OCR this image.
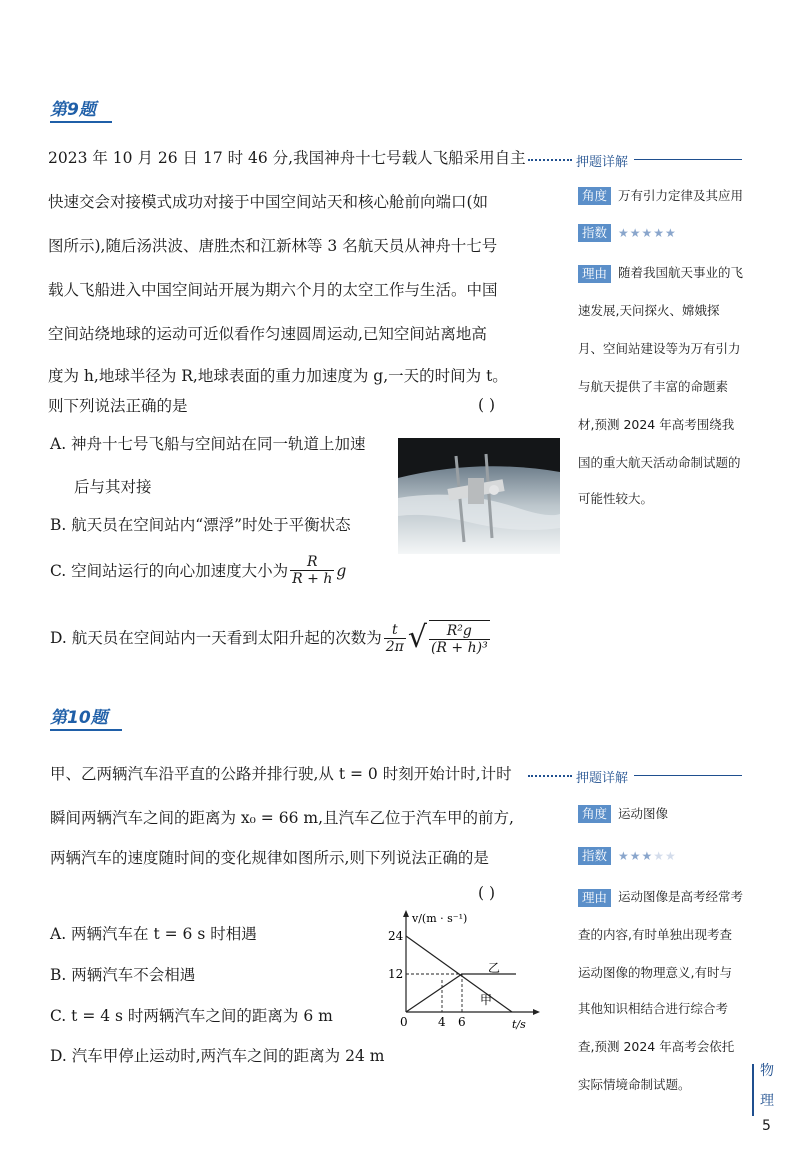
第9题
2023 年 10 月 26 日 17 时 46 分,我国神舟十七号载人飞船采用自主
快速交会对接模式成功对接于中国空间站天和核心舱前向端口(如
图所示),随后汤洪波、唐胜杰和江新林等 3 名航天员从神舟十七号
载人飞船进入中国空间站开展为期六个月的太空工作与生活。中国
空间站绕地球的运动可近似看作匀速圆周运动,已知空间站离地高
度为 h,地球半径为 R,地球表面的重力加速度为 g,一天的时间为 t。
则下列说法正确的是	( )
A. 神舟十七号飞船与空间站在同一轨道上加速
后与其对接
B. 航天员在空间站内“漂浮”时处于平衡状态
C. 空间站运行的向心加速度大小为 $\frac{R}{R + h}$ g
D. 航天员在空间站内一天看到太阳升起的次数为 $\frac{t}{2\pi}$ √ $\frac{\text{R²g}}{\text{(R + h)³}}$
押题详解
角度 万有引力定律及其应用
指数 ★★★★★
理由 随着我国航天事业的飞
速发展,天问探火、嫦娥探
月、空间站建设等为万有引力
与航天提供了丰富的命题素
材,预测 2024 年高考围绕我
国的重大航天活动命制试题的
可能性较大。
第10题
甲、乙两辆汽车沿平直的公路并排行驶,从 t = 0 时刻开始计时,计时
瞬间两辆汽车之间的距离为 x₀ = 66 m,且汽车乙位于汽车甲的前方,
两辆汽车的速度随时间的变化规律如图所示,则下列说法正确的是
( )
A. 两辆汽车在 t = 6 s 时相遇
B. 两辆汽车不会相遇
C. t = 4 s 时两辆汽车之间的距离为 6 m
D. 汽车甲停止运动时,两汽车之间的距离为 24 m
v/(m · s⁻¹)
t/s
24
12
0	4 6
乙
甲
押题详解
角度 运动图像
指数 ★★★★★
理由 运动图像是高考经常考
查的内容,有时单独出现考查
运动图像的物理意义,有时与
其他知识相结合进行综合考
查,预测 2024 年高考会依托
实际情境命制试题。
物
理
5
